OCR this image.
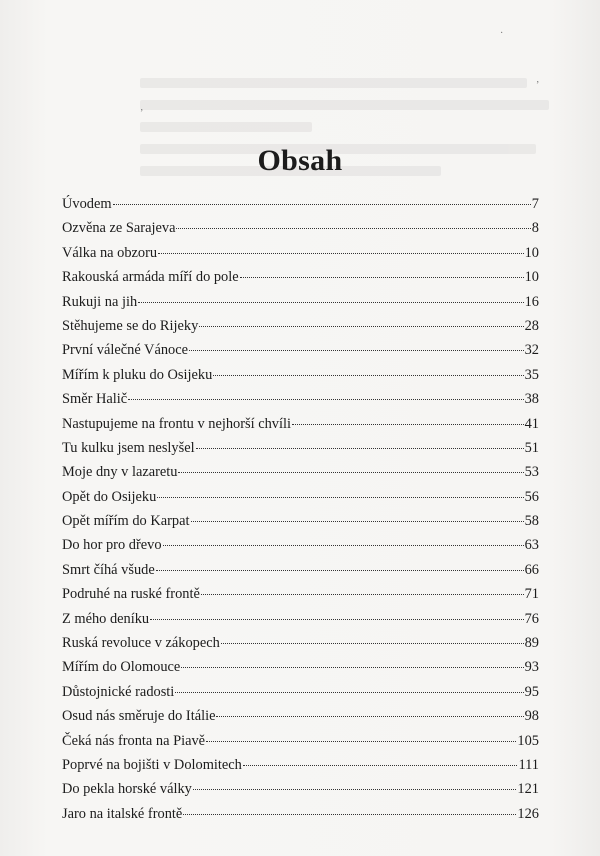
ʼ
ʼ
·
Obsah
Úvodem	7
Ozvěna ze Sarajeva	8
Válka na obzoru	10
Rakouská armáda míří do pole	10
Rukuji na jih	16
Stěhujeme se do Rijeky	28
První válečné Vánoce	32
Mířím k pluku do Osijeku	35
Směr Halič	38
Nastupujeme na frontu v nejhorší chvíli	41
Tu kulku jsem neslyšel	51
Moje dny v lazaretu	53
Opět do Osijeku	56
Opět mířím do Karpat	58
Do hor pro dřevo	63
Smrt číhá všude	66
Podruhé na ruské frontě	71
Z mého deníku	76
Ruská revoluce v zákopech	89
Mířím do Olomouce	93
Důstojnické radosti	95
Osud nás směruje do Itálie	98
Čeká nás fronta na Piavě	105
Poprvé na bojišti v Dolomitech	111
Do pekla horské války	121
Jaro na italské frontě	126
